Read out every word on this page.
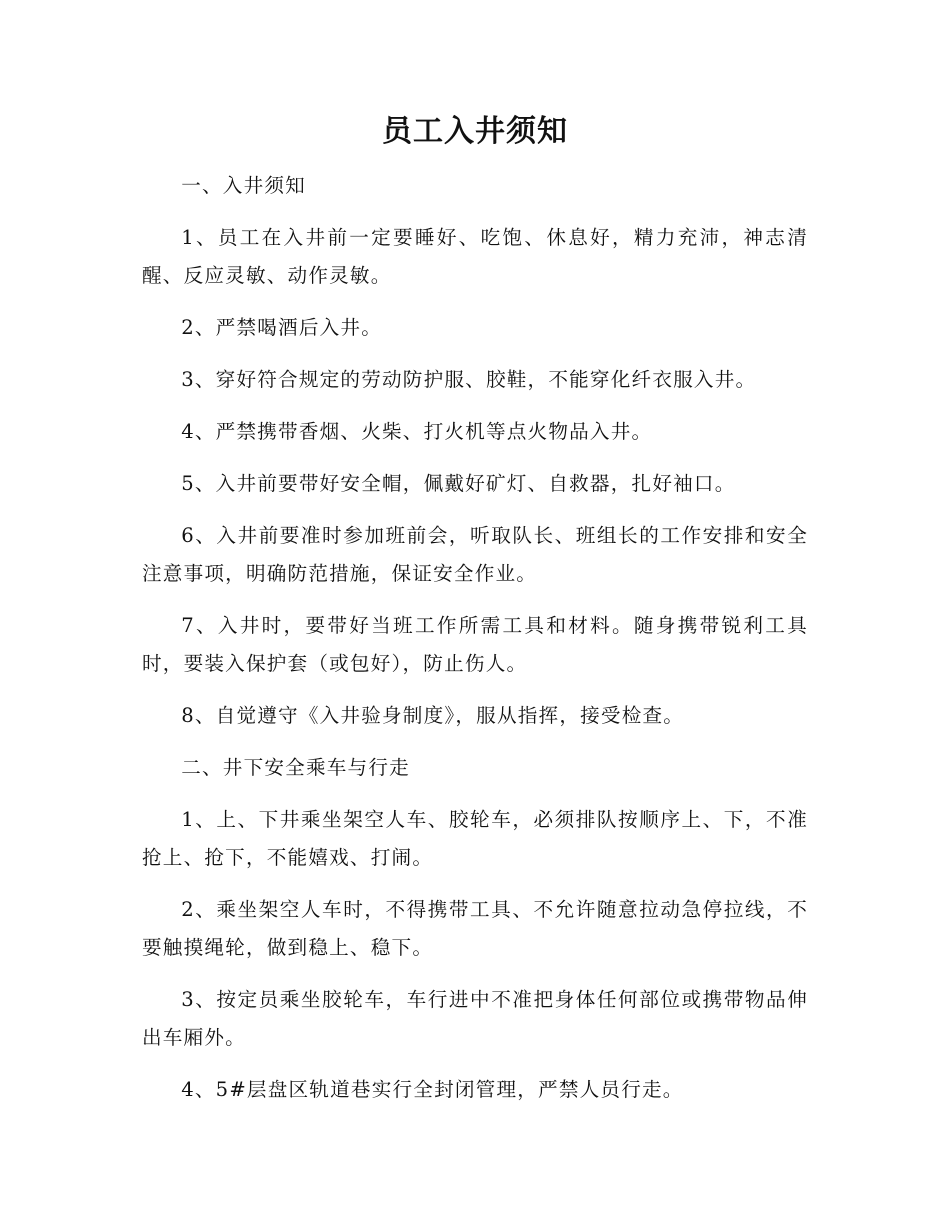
员工入井须知

一、入井须知

1、员工在入井前一定要睡好、吃饱、休息好，精力充沛，神志清醒、反应灵敏、动作灵敏。

2、严禁喝酒后入井。

3、穿好符合规定的劳动防护服、胶鞋，不能穿化纤衣服入井。

4、严禁携带香烟、火柴、打火机等点火物品入井。

5、入井前要带好安全帽，佩戴好矿灯、自救器，扎好袖口。

6、入井前要准时参加班前会，听取队长、班组长的工作安排和安全注意事项，明确防范措施，保证安全作业。

7、入井时，要带好当班工作所需工具和材料。随身携带锐利工具时，要装入保护套（或包好），防止伤人。

8、自觉遵守《入井验身制度》，服从指挥，接受检查。

二、井下安全乘车与行走

1、上、下井乘坐架空人车、胶轮车，必须排队按顺序上、下，不准抢上、抢下，不能嬉戏、打闹。

2、乘坐架空人车时，不得携带工具、不允许随意拉动急停拉线，不要触摸绳轮，做到稳上、稳下。

3、按定员乘坐胶轮车，车行进中不准把身体任何部位或携带物品伸出车厢外。

4、5#层盘区轨道巷实行全封闭管理，严禁人员行走。
